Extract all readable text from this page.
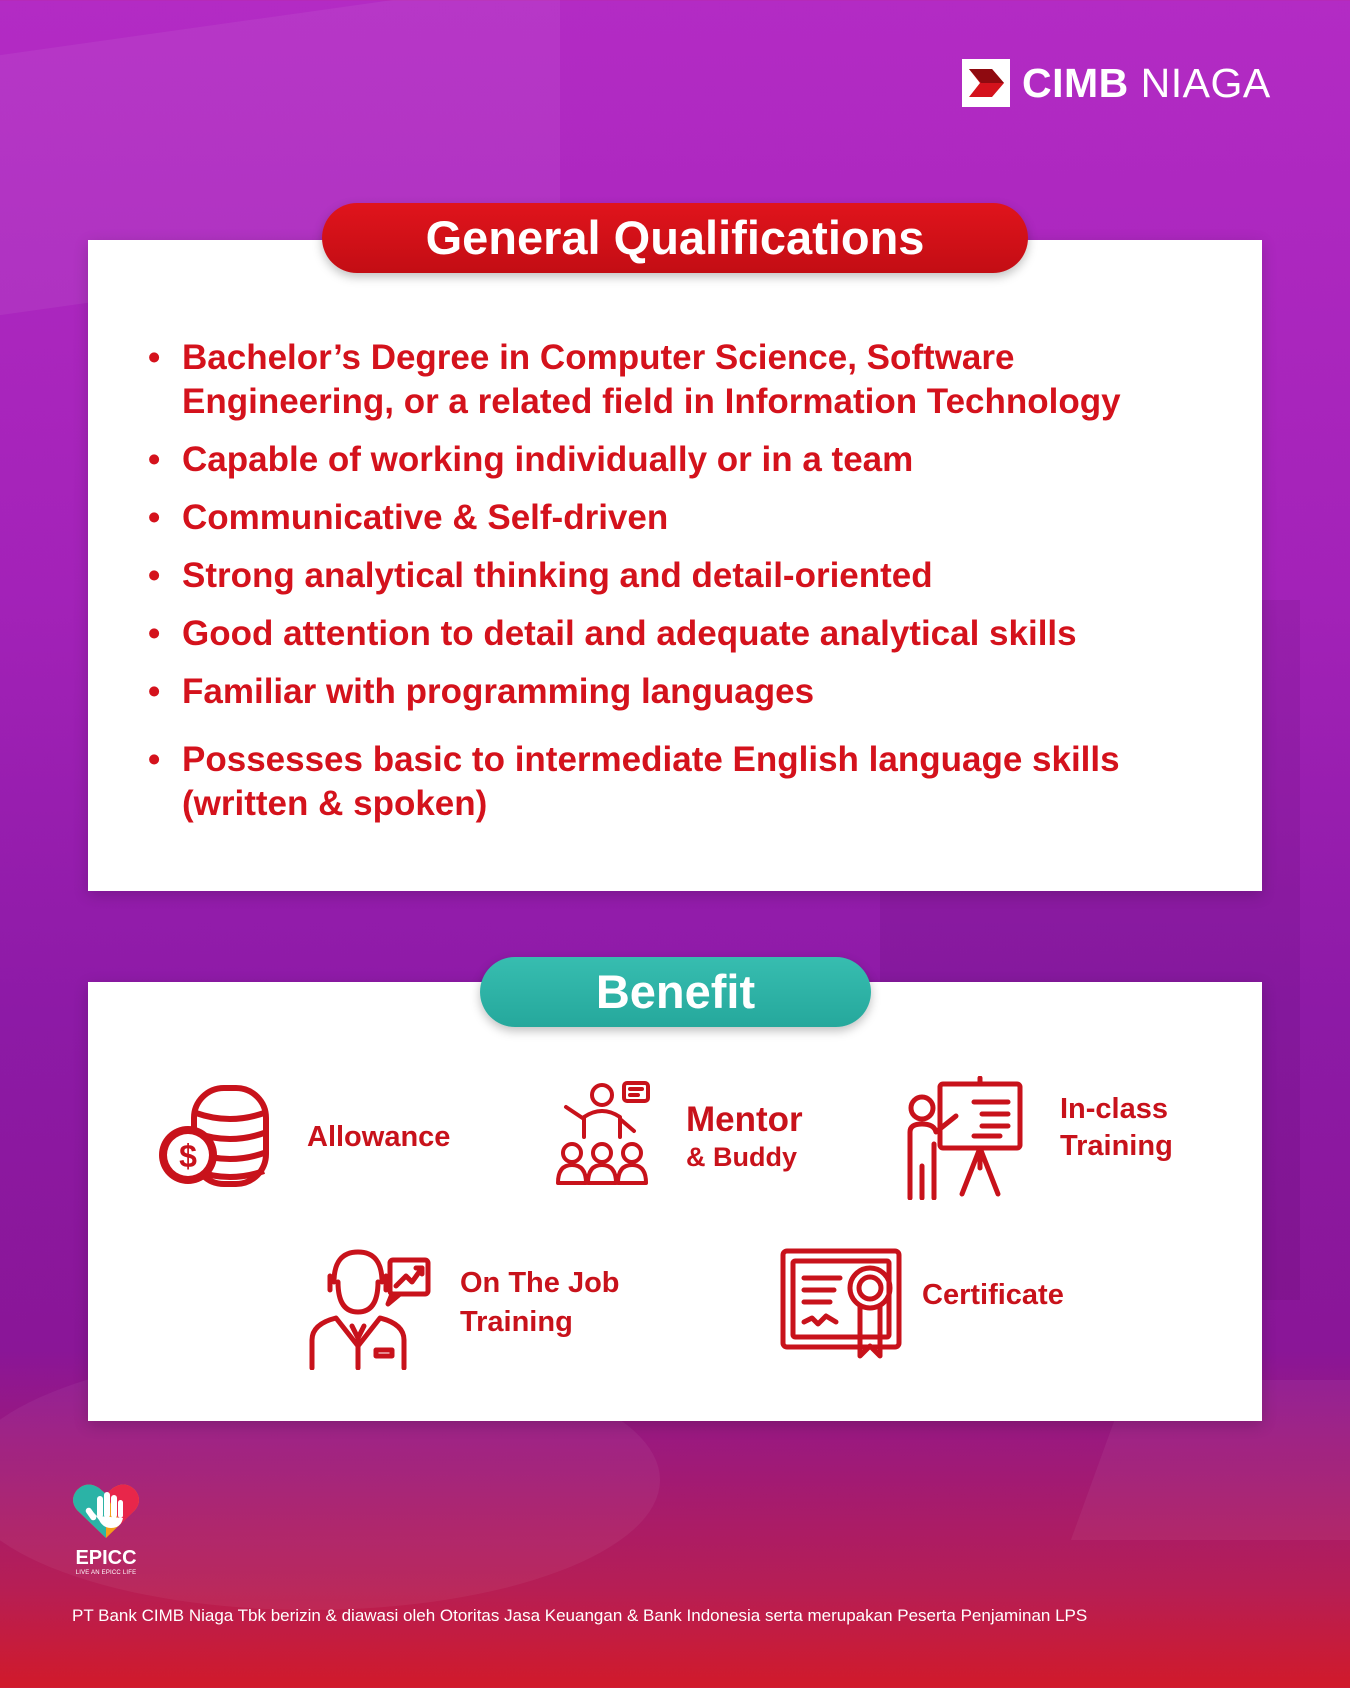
CIMB NIAGA
General Qualifications
• Bachelor’s Degree in Computer Science, Software
Engineering, or a related field in Information Technology
• Capable of working individually or in a team
• Communicative & Self-driven
• Strong analytical thinking and detail-oriented
• Good attention to detail and adequate analytical skills
• Familiar with programming languages
• Possesses basic to intermediate English language skills
(written & spoken)
Benefit
$
Allowance	Mentor
& Buddy
In-class
Training
On The Job
Training
Certificate
EPICC
LIVE AN EPICC LIFE
PT Bank CIMB Niaga Tbk berizin & diawasi oleh Otoritas Jasa Keuangan & Bank Indonesia serta merupakan Peserta Penjaminan LPS
